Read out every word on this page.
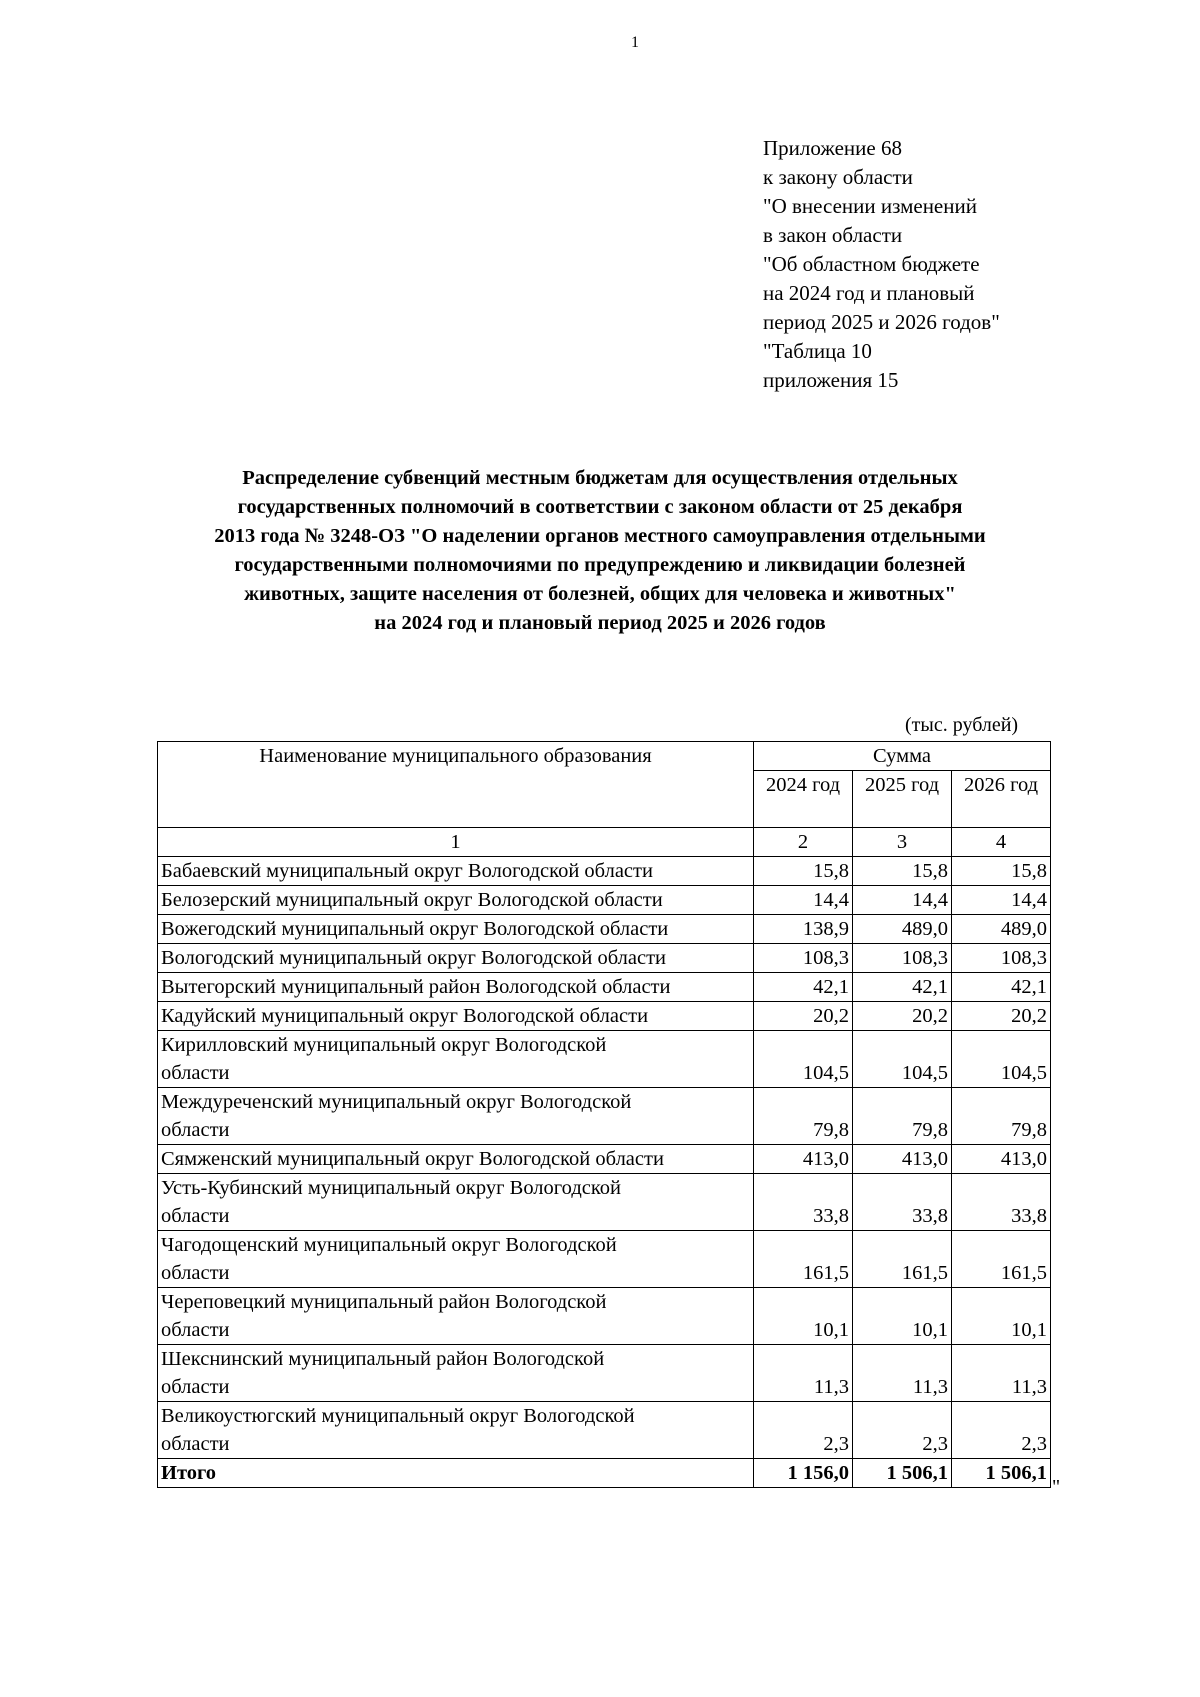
1
Приложение 68
к закону области
"О внесении изменений
в закон области
"Об областном бюджете
на 2024 год и плановый
период 2025 и 2026 годов"
"Таблица 10
приложения 15
Распределение субвенций местным бюджетам для осуществления отдельных
государственных полномочий в соответствии с законом области от 25 декабря
2013 года № 3248-ОЗ "О наделении органов местного самоуправления отдельными
государственными полномочиями по предупреждению и ликвидации болезней
животных, защите населения от болезней, общих для человека и животных"
на 2024 год и плановый период 2025 и 2026 годов
(тыс. рублей)
Наименование муниципального образования	Сумма		
	2024 год	2025 год	2026 год
1	2	3	4

Бабаевский муниципальный округ Вологодской области	15,8	15,8	15,8

Белозерский муниципальный округ Вологодской области	14,4	14,4	14,4

Вожегодский муниципальный округ Вологодской области	138,9	489,0	489,0

Вологодский муниципальный округ Вологодской области	108,3	108,3	108,3

Вытегорский муниципальный район Вологодской области	42,1	42,1	42,1

Кадуйский муниципальный округ Вологодской области	20,2	20,2	20,2

Кирилловский муниципальный округ Вологодской
области	104,5	104,5	104,5

Междуреченский муниципальный округ Вологодской
области	79,8	79,8	79,8

Сямженский муниципальный округ Вологодской области	413,0	413,0	413,0

Усть-Кубинский муниципальный округ Вологодской
области	33,8	33,8	33,8

Чагодощенский муниципальный округ Вологодской
области	161,5	161,5	161,5

Череповецкий муниципальный район Вологодской
области	10,1	10,1	10,1

Шекснинский муниципальный район Вологодской
области	11,3	11,3	11,3

Великоустюгский муниципальный округ Вологодской
области	2,3	2,3	2,3
Итого	1 156,0	1 506,1	1 506,1
"
